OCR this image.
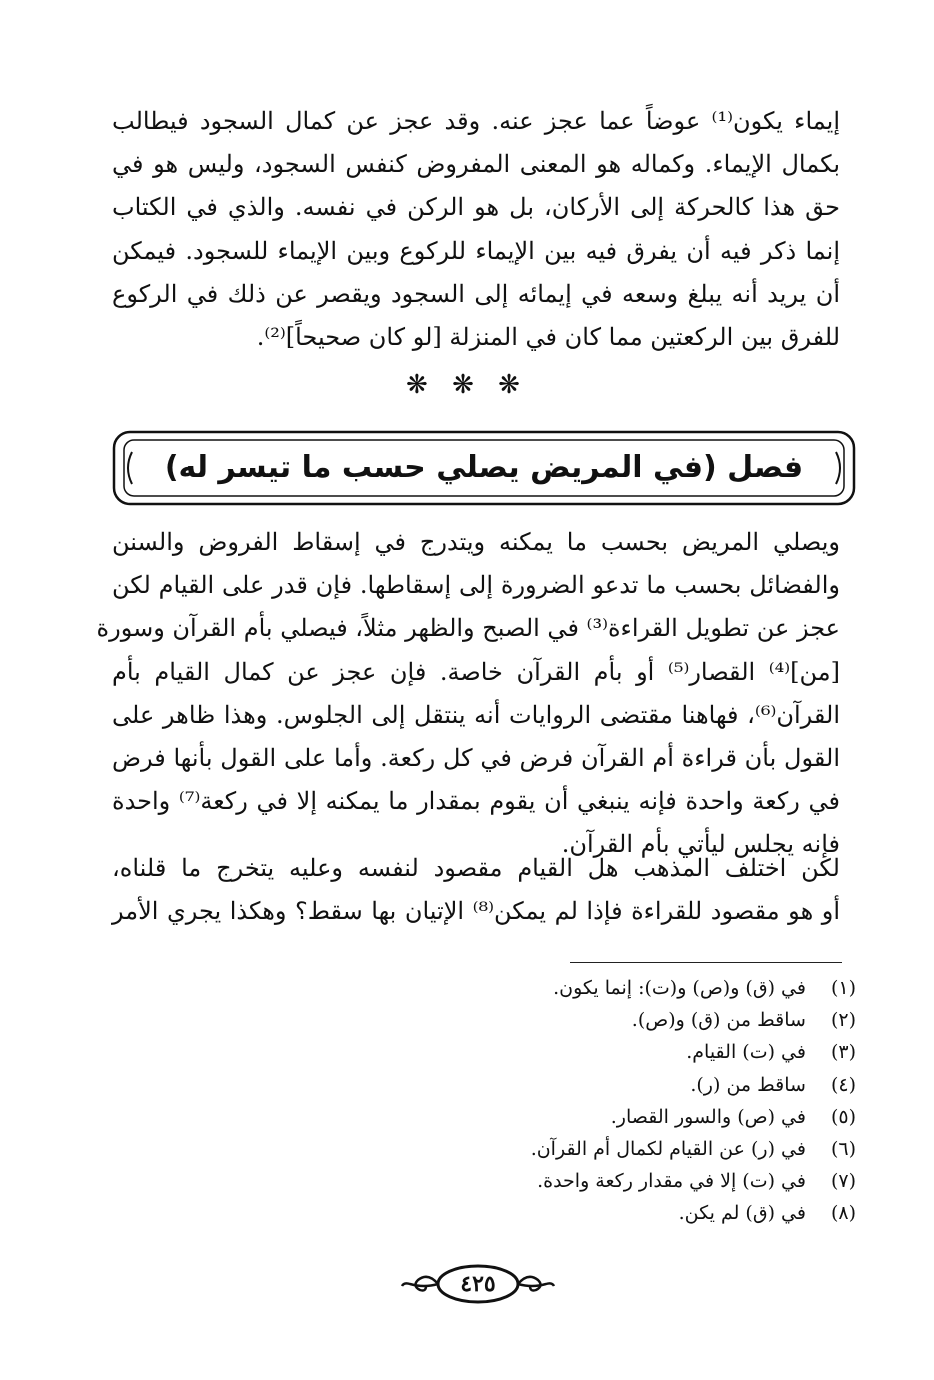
إيماء يكون⁽¹⁾ عوضاً عما عجز عنه. وقد عجز عن كمال السجود فيطالب
بكمال الإيماء. وكماله هو المعنى المفروض كنفس السجود، وليس هو في
حق هذا كالحركة إلى الأركان، بل هو الركن في نفسه. والذي في الكتاب
إنما ذكر فيه أن يفرق فيه بين الإيماء للركوع وبين الإيماء للسجود. فيمكن
أن يريد أنه يبلغ وسعه في إيمائه إلى السجود ويقصر عن ذلك في الركوع
للفرق بين الركعتين مما كان في المنزلة [لو كان صحيحاً]⁽²⁾.
❋ ❋ ❋
فصل (في المريض يصلي حسب ما تيسر له)
ويصلي المريض بحسب ما يمكنه ويتدرج في إسقاط الفروض والسنن
والفضائل بحسب ما تدعو الضرورة إلى إسقاطها. فإن قدر على القيام لكن
عجز عن تطويل القراءة⁽³⁾ في الصبح والظهر مثلاً، فيصلي بأم القرآن وسورة
[من]⁽⁴⁾ القصار⁽⁵⁾ أو بأم القرآن خاصة. فإن عجز عن كمال القيام بأم
القرآن⁽⁶⁾، فهاهنا مقتضى الروايات أنه ينتقل إلى الجلوس. وهذا ظاهر على
القول بأن قراءة أم القرآن فرض في كل ركعة. وأما على القول بأنها فرض
في ركعة واحدة فإنه ينبغي أن يقوم بمقدار ما يمكنه إلا في ركعة⁽⁷⁾ واحدة
فإنه يجلس ليأتي بأم القرآن.
لكن اختلف المذهب هل القيام مقصود لنفسه وعليه يتخرج ما قلناه،
أو هو مقصود للقراءة فإذا لم يمكن⁽⁸⁾ الإتيان بها سقط؟ وهكذا يجري الأمر
(١) في (ق) و(ص) و(ت): إنما يكون.
(٢) ساقط من (ق) و(ص).
(٣) في (ت) القيام.
(٤) ساقط من (ر).
(٥) في (ص) والسور القصار.
(٦) في (ر) عن القيام لكمال أم القرآن.
(٧) في (ت) إلا في مقدار ركعة واحدة.
(٨) في (ق) لم يكن.
٤٢٥
